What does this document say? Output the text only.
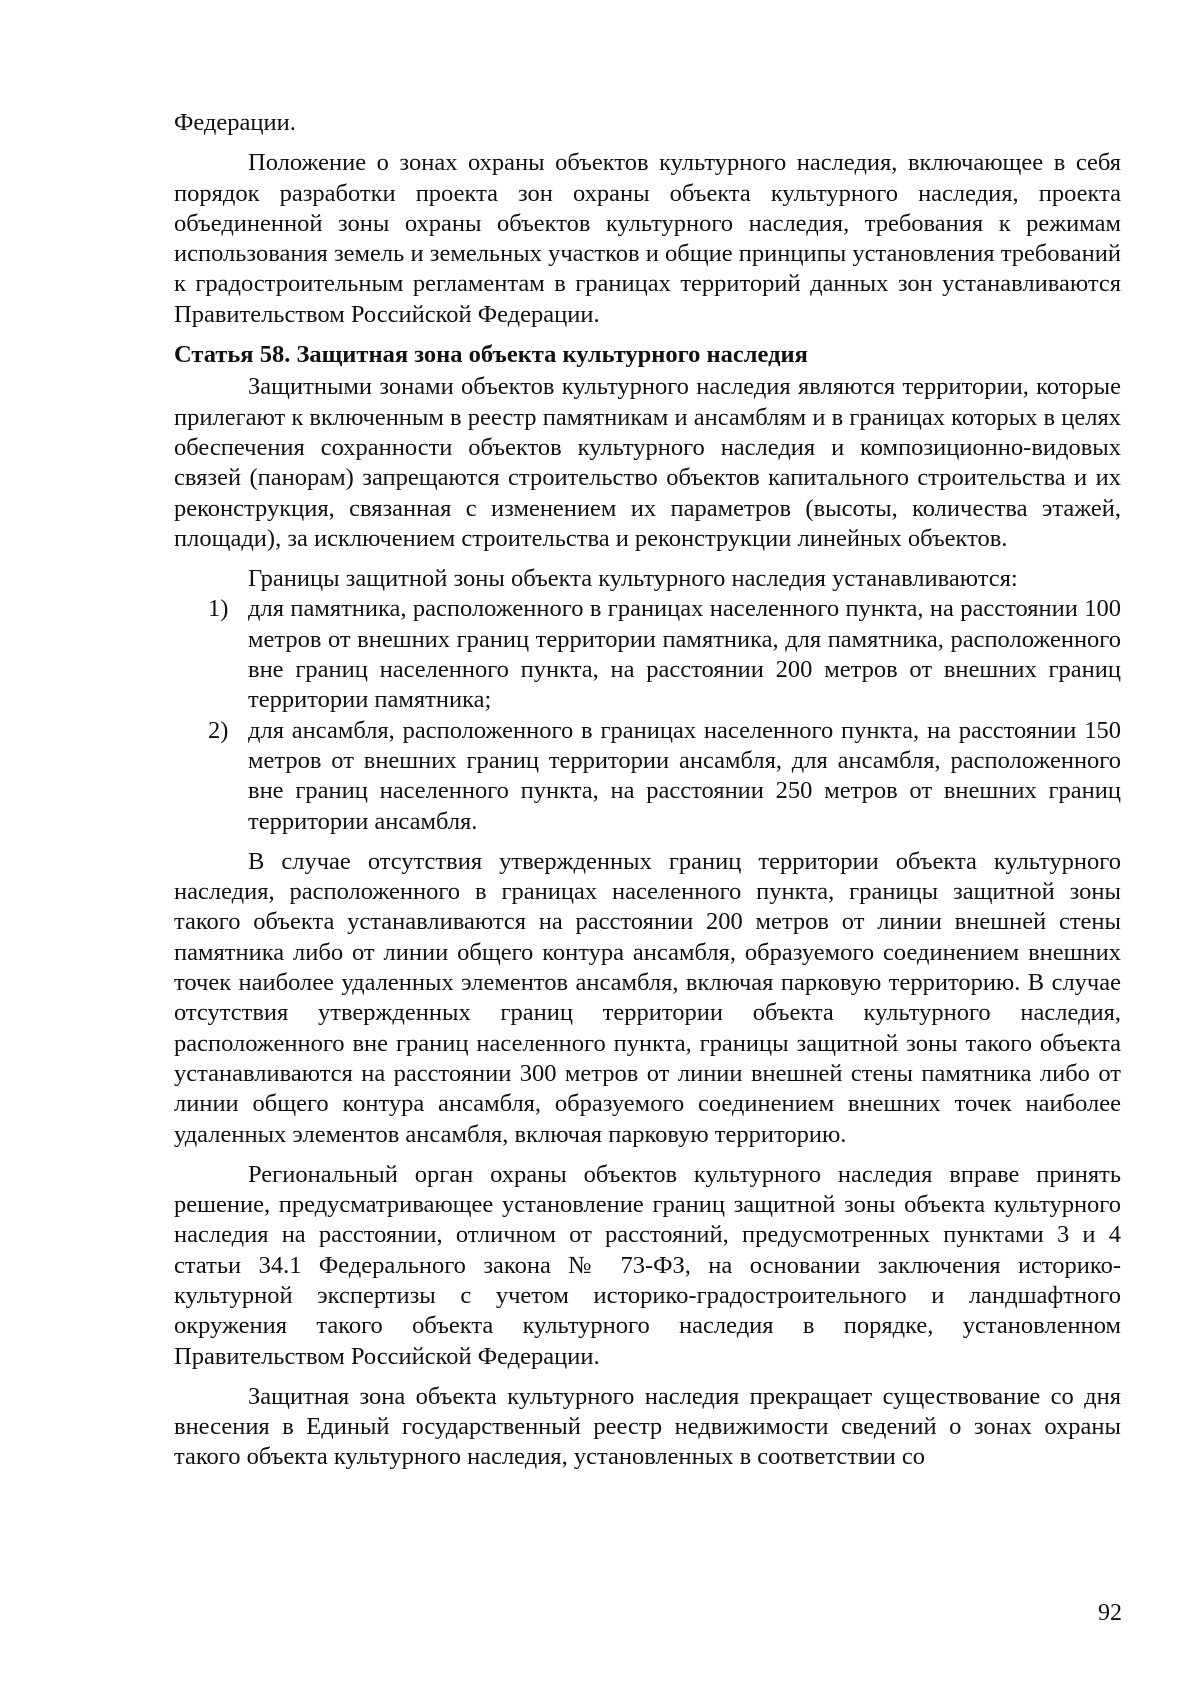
Федерации.

Положение о зонах охраны объектов культурного наследия, включающее в себя порядок разработки проекта зон охраны объекта культурного наследия, проекта объединенной зоны охраны объектов культурного наследия, требования к режимам использования земель и земельных участков и общие принципы установления требований к градостроительным регламентам в границах территорий данных зон устанавливаются Правительством Российской Федерации.

Статья 58. Защитная зона объекта культурного наследия

Защитными зонами объектов культурного наследия являются территории, которые прилегают к включенным в реестр памятникам и ансамблям и в границах которых в целях обеспечения сохранности объектов культурного наследия и композиционно-видовых связей (панорам) запрещаются строительство объектов капитального строительства и их реконструкция, связанная с изменением их параметров (высоты, количества этажей, площади), за исключением строительства и реконструкции линейных объектов.

Границы защитной зоны объекта культурного наследия устанавливаются:

1) для памятника, расположенного в границах населенного пункта, на расстоянии 100 метров от внешних границ территории памятника, для памятника, расположенного вне границ населенного пункта, на расстоянии 200 метров от внешних границ территории памятника;
2) для ансамбля, расположенного в границах населенного пункта, на расстоянии 150 метров от внешних границ территории ансамбля, для ансамбля, расположенного вне границ населенного пункта, на расстоянии 250 метров от внешних границ территории ансамбля.

В случае отсутствия утвержденных границ территории объекта культурного наследия, расположенного в границах населенного пункта, границы защитной зоны такого объекта устанавливаются на расстоянии 200 метров от линии внешней стены памятника либо от линии общего контура ансамбля, образуемого соединением внешних точек наиболее удаленных элементов ансамбля, включая парковую территорию. В случае отсутствия утвержденных границ территории объекта культурного наследия, расположенного вне границ населенного пункта, границы защитной зоны такого объекта устанавливаются на расстоянии 300 метров от линии внешней стены памятника либо от линии общего контура ансамбля, образуемого соединением внешних точек наиболее удаленных элементов ансамбля, включая парковую территорию.

Региональный орган охраны объектов культурного наследия вправе принять решение, предусматривающее установление границ защитной зоны объекта культурного наследия на расстоянии, отличном от расстояний, предусмотренных пунктами 3 и 4 статьи 34.1 Федерального закона № 73-ФЗ, на основании заключения историко-культурной экспертизы с учетом историко-градостроительного и ландшафтного окружения такого объекта культурного наследия в порядке, установленном Правительством Российской Федерации.

Защитная зона объекта культурного наследия прекращает существование со дня внесения в Единый государственный реестр недвижимости сведений о зонах охраны такого объекта культурного наследия, установленных в соответствии со

92
